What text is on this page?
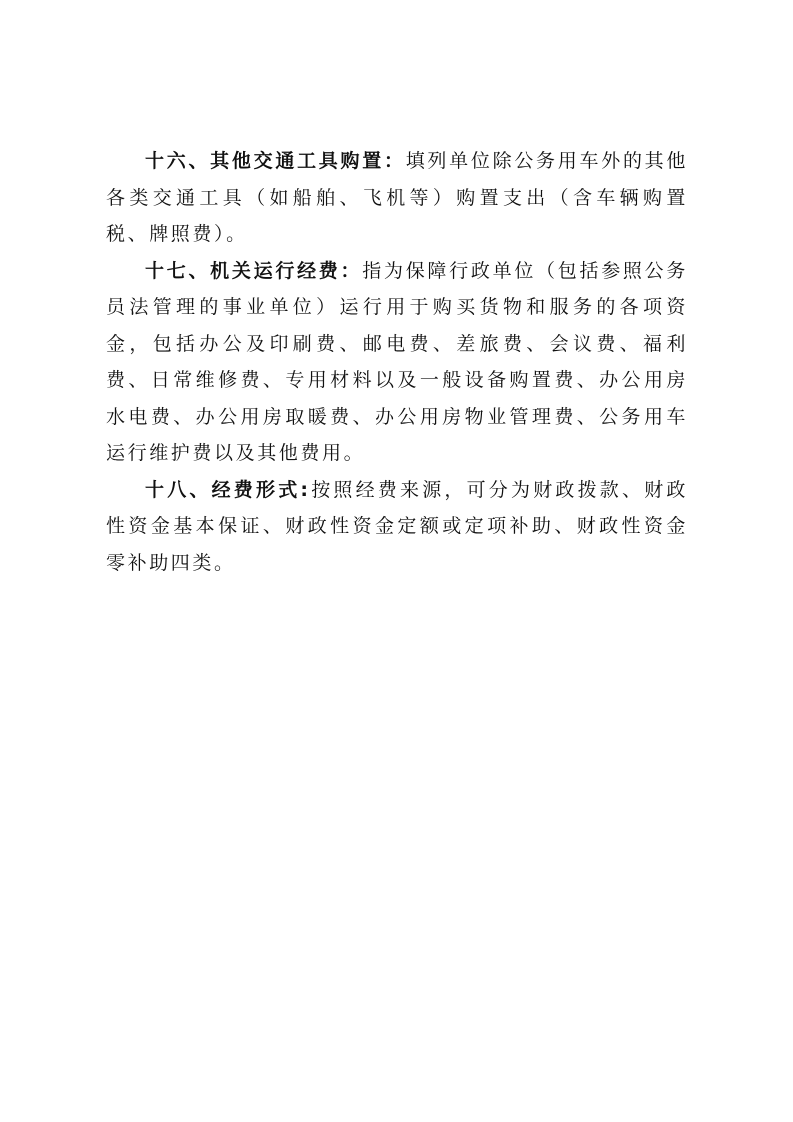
十六、其他交通工具购置：填列单位除公务用车外的其他各类交通工具（如船舶、飞机等）购置支出（含车辆购置税、牌照费）。

十七、机关运行经费：指为保障行政单位（包括参照公务员法管理的事业单位）运行用于购买货物和服务的各项资金，包括办公及印刷费、邮电费、差旅费、会议费、福利费、日常维修费、专用材料以及一般设备购置费、办公用房水电费、办公用房取暖费、办公用房物业管理费、公务用车运行维护费以及其他费用。

十八、经费形式:按照经费来源，可分为财政拨款、财政性资金基本保证、财政性资金定额或定项补助、财政性资金零补助四类。
